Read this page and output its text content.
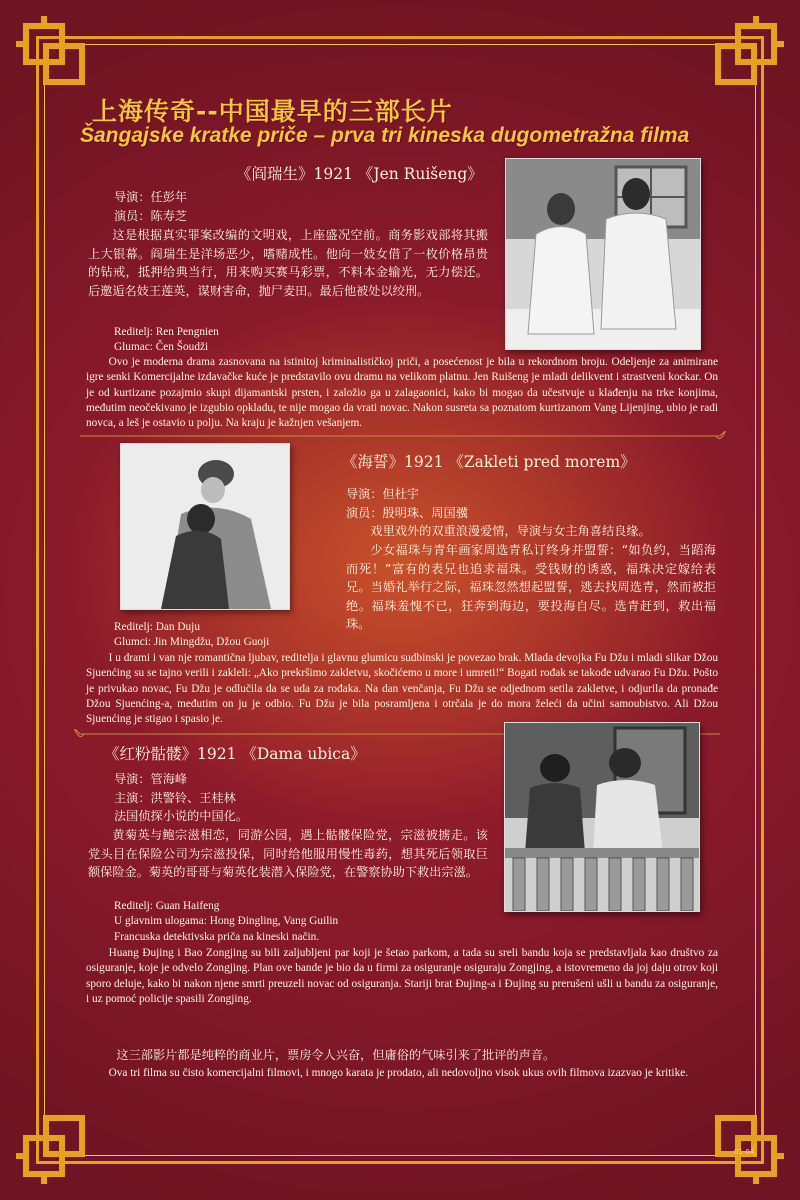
上海传奇--中国最早的三部长片
Šangajske kratke priče – prva tri kineska dugometražna filma
《阎瑞生》1921 《Jen Ruišeng》
导演：任彭年
演员：陈寿芝
这是根据真实罪案改编的文明戏，上座盛况空前。商务影戏部将其搬上大银幕。阎瑞生是洋场恶少，嗜赌成性。他向一妓女借了一枚价格昂贵的钻戒，抵押给典当行，用来购买赛马彩票，不料本金输光，无力偿还。后邀逅名妓王莲英，谋财害命，抛尸麦田。最后他被处以绞刑。
Reditelj: Ren Pengnien
Glumac: Čen Šoudži
Ovo je moderna drama zasnovana na istinitoj kriminalističkoj priči, a posećenost je bila u rekordnom broju. Odeljenje za animirane igre senki Komercijalne izdavačke kuće je predstavilo ovu dramu na velikom platnu. Jen Ruišeng je mladi delikvent i strastveni kockar. On je od kurtizane pozajmio skupi dijamantski prsten, i založio ga u zalagaonici, kako bi mogao da učestvuje u klađenju na trke konjima, međutim neočekivano je izgubio opkladu, te nije mogao da vrati novac. Nakon susreta sa poznatom kurtizanom Vang Lijenjing, ubio je radi novca, a leš je ostavio u polju. Na kraju je kažnjen vešanjem.
《海誓》1921 《Zakleti pred morem》
导演：但杜宇
演员：殷明珠、周国骥
戏里戏外的双重浪漫爱情，导演与女主角喜结良缘。
少女福珠与青年画家周选青私订终身并盟誓：“如负约，当蹈海而死！”富有的表兄也追求福珠。受钱财的诱惑，福珠决定嫁给表兄。当婚礼举行之际，福珠忽然想起盟誓，逃去找周选青，然而被拒绝。福珠羞愧不已，狂奔到海边，要投海自尽。选青赶到，救出福珠。
Reditelj: Dan Duju
Glumci: Jin Mingdžu, Džou Guoji
I u drami i van nje romantična ljubav, reditelja i glavnu glumicu sudbinski je povezao brak. Mlada devojka Fu Džu i mladi slikar Džou Sjuenćing su se tajno verili i zakleli: „Ako prekršimo zakletvu, skočićemo u more i umreti!“ Bogati rođak se takođe udvarao Fu Džu. Pošto je privukao novac, Fu Džu je odlučila da se uda za rođaka. Na dan venčanja, Fu Džu se odjednom setila zakletve, i odjurila da pronađe Džou Sjuenćing-a, međutim on ju je odbio. Fu Džu je bila posramljena i otrčala je do mora želeći da učini samoubistvo. Ali Džou Sjuenćing je stigao i spasio je.
《红粉骷髅》1921 《Dama ubica》
导演：管海峰
主演：洪警铃、王桂林
法国侦探小说的中国化。
黄菊英与鲍宗滋相恋，同游公园，遇上骷髅保险党，宗滋被掳走。该党头目在保险公司为宗滋投保，同时给他服用慢性毒药，想其死后领取巨额保险金。菊英的哥哥与菊英化装潜入保险党，在警察协助下救出宗滋。
Reditelj: Guan Haifeng
U glavnim ulogama: Hong Đingling, Vang Guilin
Francuska detektivska priča na kineski način.
Huang Đujing i Bao Zongjing su bili zaljubljeni par koji je šetao parkom, a tada su sreli bandu koja se predstavljala kao društvo za osiguranje, koje je odvelo Zongjing. Plan ove bande je bio da u firmi za osiguranje osiguraju Zongjing, a istovremeno da joj daju otrov koji sporo deluje, kako bi nakon njene smrti preuzeli novac od osiguranja. Stariji brat Đujing-a i Đujing su prerušeni ušli u bandu za osiguranje, i uz pomoć policije spasili Zongjing.
这三部影片都是纯粹的商业片，票房令人兴奋，但庸俗的气味引来了批评的声音。
Ova tri filma su čisto komercijalni filmovi, i mnogo karata je prodato, ali nedovoljno visok ukus ovih filmova izazvao je kritike.
01-04
